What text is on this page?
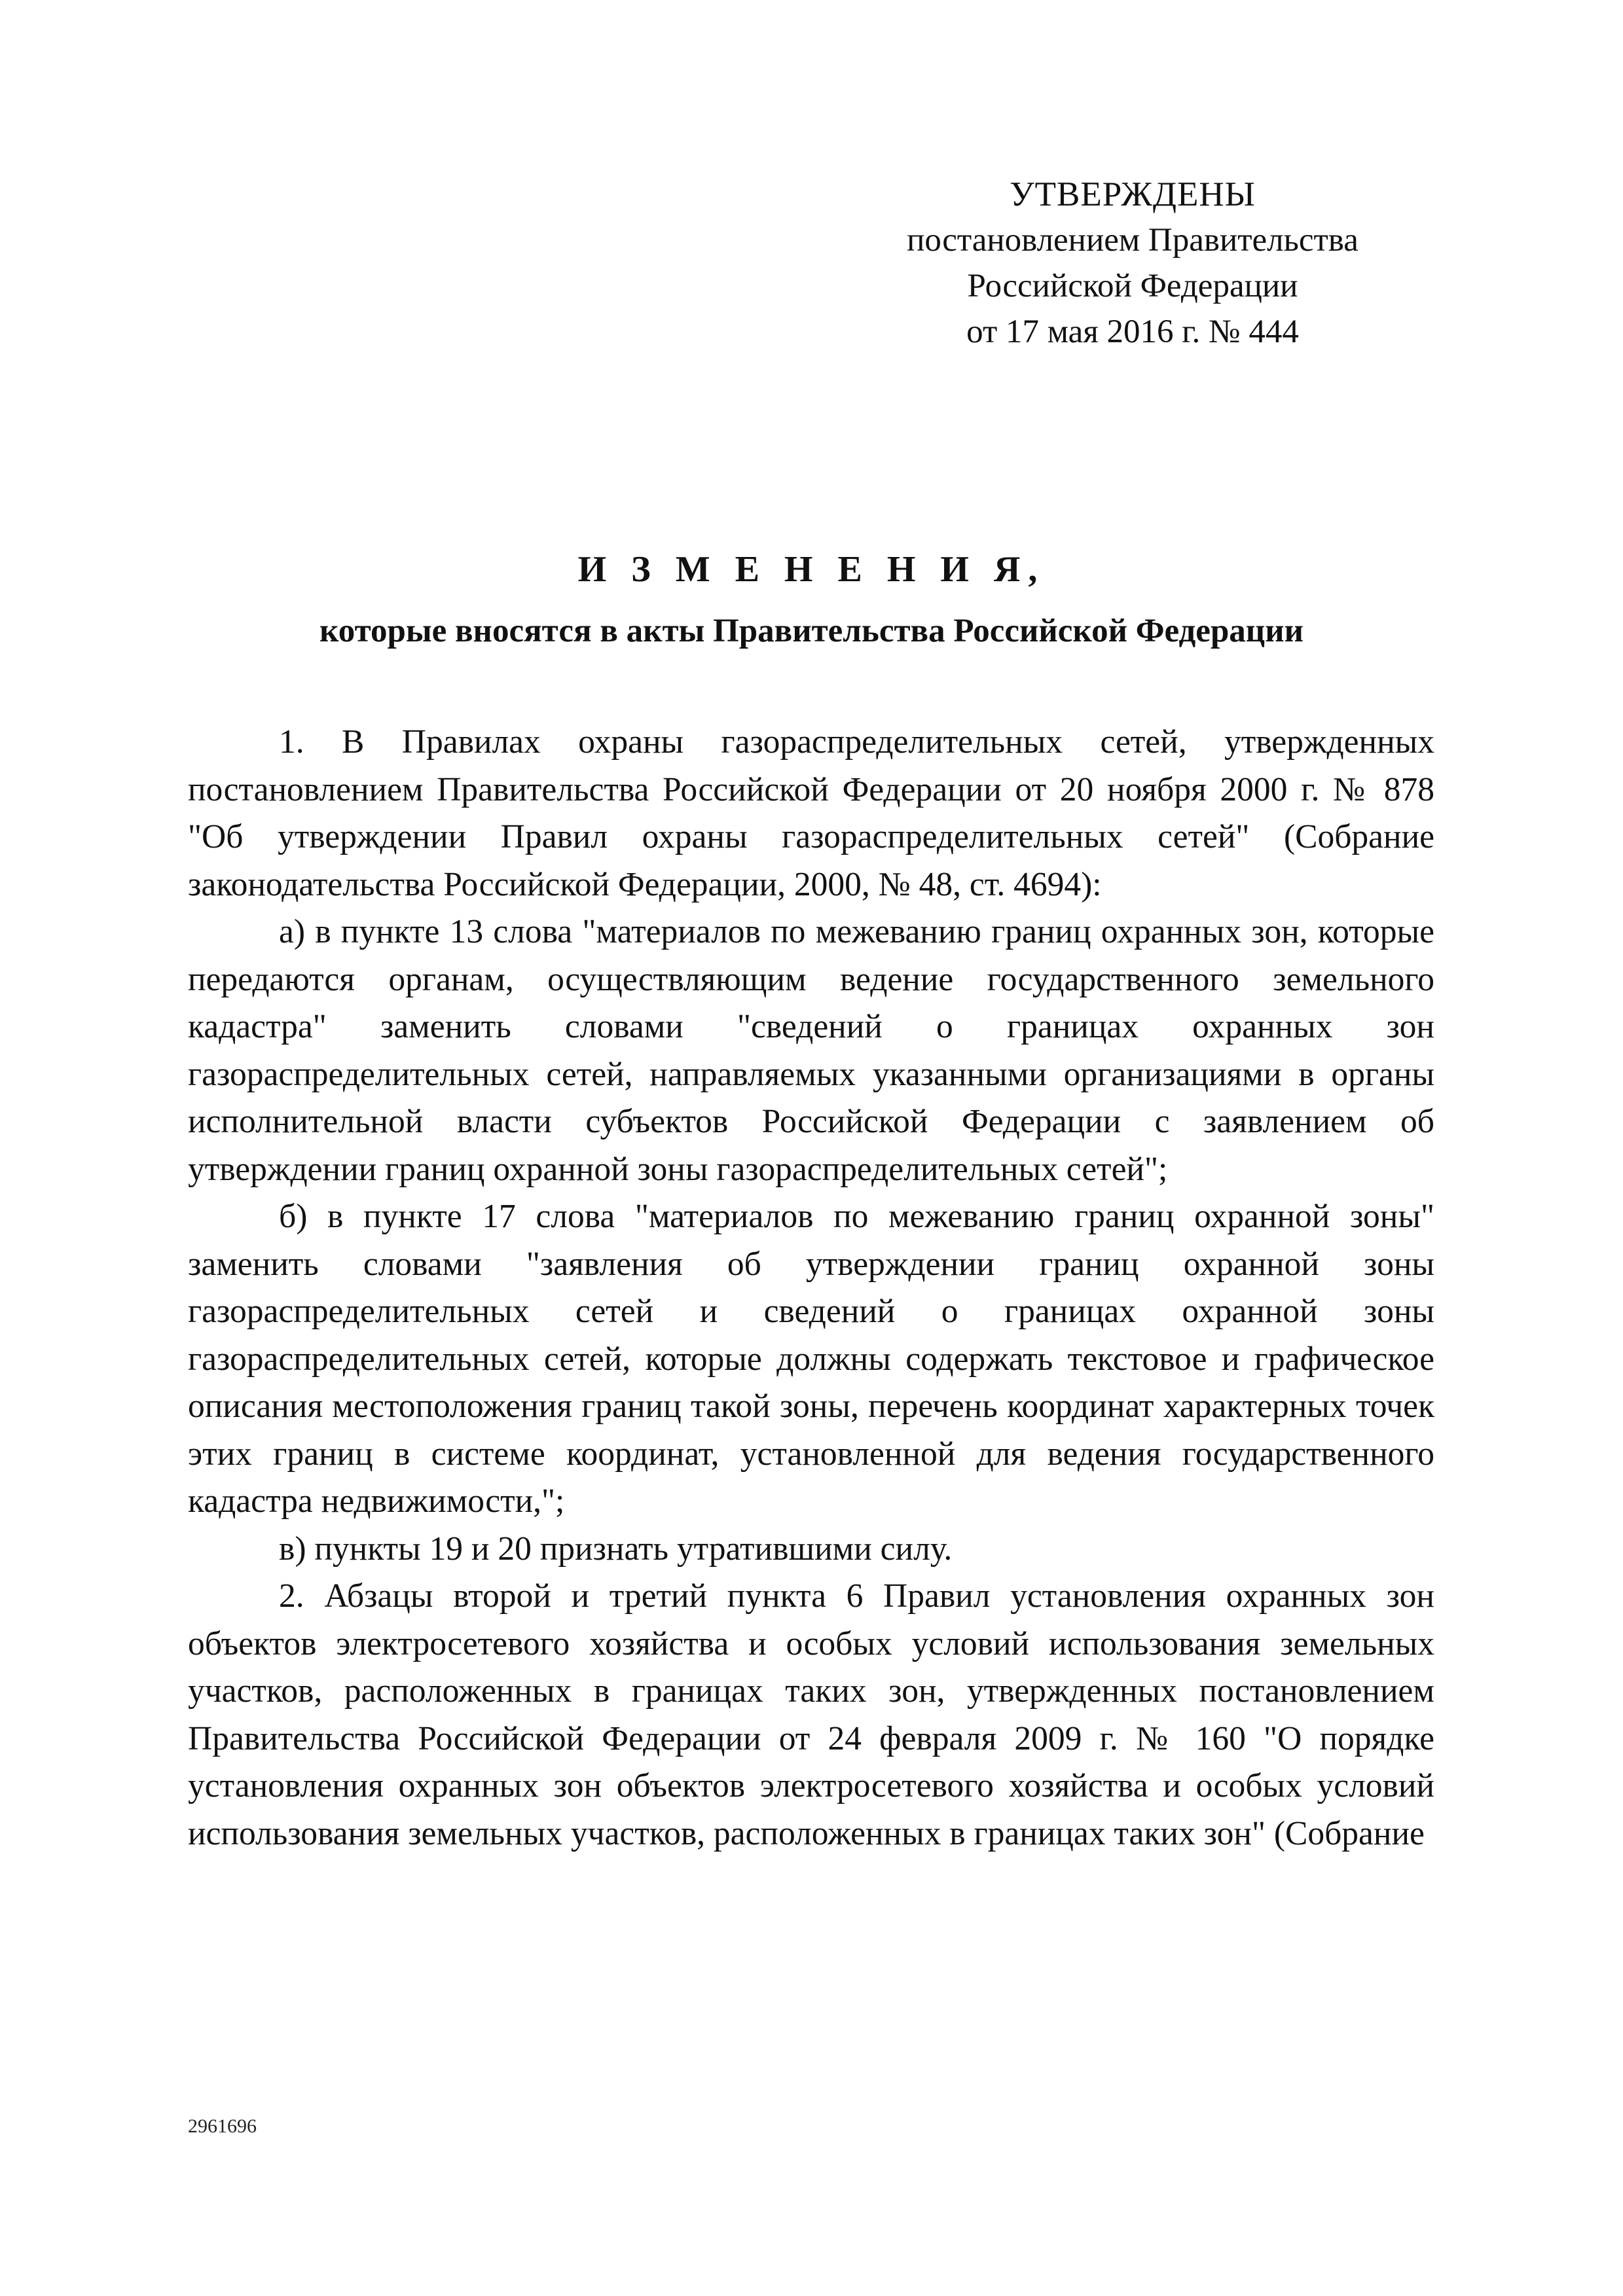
УТВЕРЖДЕНЫ
постановлением Правительства
Российской Федерации
от 17 мая 2016 г. № 444
И З М Е Н Е Н И Я,
которые вносятся в акты Правительства Российской Федерации

1. В Правилах охраны газораспределительных сетей, утвержденных постановлением Правительства Российской Федерации от 20 ноября 2000 г. № 878 "Об утверждении Правил охраны газораспределительных сетей" (Собрание законодательства Российской Федерации, 2000, № 48, ст. 4694):

а) в пункте 13 слова "материалов по межеванию границ охранных зон, которые передаются органам, осуществляющим ведение государственного земельного кадастра" заменить словами "сведений о границах охранных зон газораспределительных сетей, направляемых указанными организациями в органы исполнительной власти субъектов Российской Федерации с заявлением об утверждении границ охранной зоны газораспределительных сетей";

б) в пункте 17 слова "материалов по межеванию границ охранной зоны" заменить словами "заявления об утверждении границ охранной зоны газораспределительных сетей и сведений о границах охранной зоны газораспределительных сетей, которые должны содержать текстовое и графическое описания местоположения границ такой зоны, перечень координат характерных точек этих границ в системе координат, установленной для ведения государственного кадастра недвижимости,";

в) пункты 19 и 20 признать утратившими силу.

2. Абзацы второй и третий пункта 6 Правил установления охранных зон объектов электросетевого хозяйства и особых условий использования земельных участков, расположенных в границах таких зон, утвержденных постановлением Правительства Российской Федерации от 24 февраля 2009 г. № 160 "О порядке установления охранных зон объектов электросетевого хозяйства и особых условий использования земельных участков, расположенных в границах таких зон" (Собрание

2961696
